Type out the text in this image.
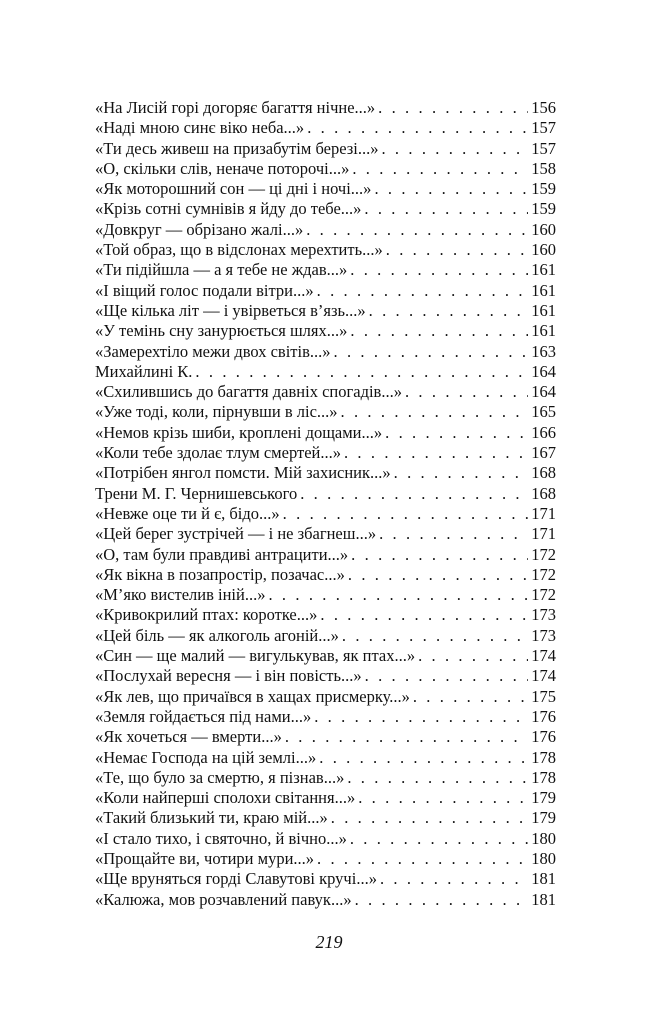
«На Лисій горі догоряє багаття нічне...» . . .	156
«Наді мною синє віко неба...» . . .	157
«Ти десь живеш на призабутім березі...» . . .	157
«О, скільки слів, неначе поторочі...» . . .	158
«Як моторошний сон — ці дні і ночі...» . . .	159
«Крізь сотні сумнівів я йду до тебе...» . . .	159
«Довкруг — обрізано жалі...» . . .	160
«Той образ, що в відслонах мерехтить...» . . .	160
«Ти підійшла — а я тебе не ждав...» . . .	161
«І віщий голос подали вітри...» . . .	161
«Ще кілька літ — і увірветься в’язь...» . . .	161
«У темінь сну занурюється шлях...» . . .	161
«Замерехтіло межи двох світів...» . . .	163
Михайлині К. . . .	164
«Схилившись до багаття давніх спогадів...» . . .	164
«Уже тоді, коли, пірнувши в ліс...» . . .	165
«Немов крізь шиби, кроплені дощами...» . . .	166
«Коли тебе здолає тлум смертей...» . . .	167
«Потрібен янгол помсти. Мій захисник...» . . .	168
Трени М. Г. Чернишевського . . .	168
«Невже оце ти й є, бідо...» . . .	171
«Цей берег зустрічей — і не збагнеш...» . . .	171
«О, там були правдиві антрацити...» . . .	172
«Як вікна в позапростір, позачас...» . . .	172
«М’яко вистелив іній...» . . .	172
«Кривокрилий птах: коротке...» . . .	173
«Цей біль — як алкоголь агоній...» . . .	173
«Син — ще малий — вигулькував, як птах...» . . .	174
«Послухай вересня — і він повість...» . . .	174
«Як лев, що причаївся в хащах присмерку...» . . .	175
«Земля гойдається під нами...» . . .	176
«Як хочеться — вмерти...» . . .	176
«Немає Господа на цій землі...» . . .	178
«Те, що було за смертю, я пізнав...» . . .	178
«Коли найперші сполохи світання...» . . .	179
«Такий близький ти, краю мій...» . . .	179
«І стало тихо, і святочно, й вічно...» . . .	180
«Прощайте ви, чотири мури...» . . .	180
«Ще вруняться горді Славутові кручі...» . . .	181
«Калюжа, мов розчавлений павук...» . . .	181
219
